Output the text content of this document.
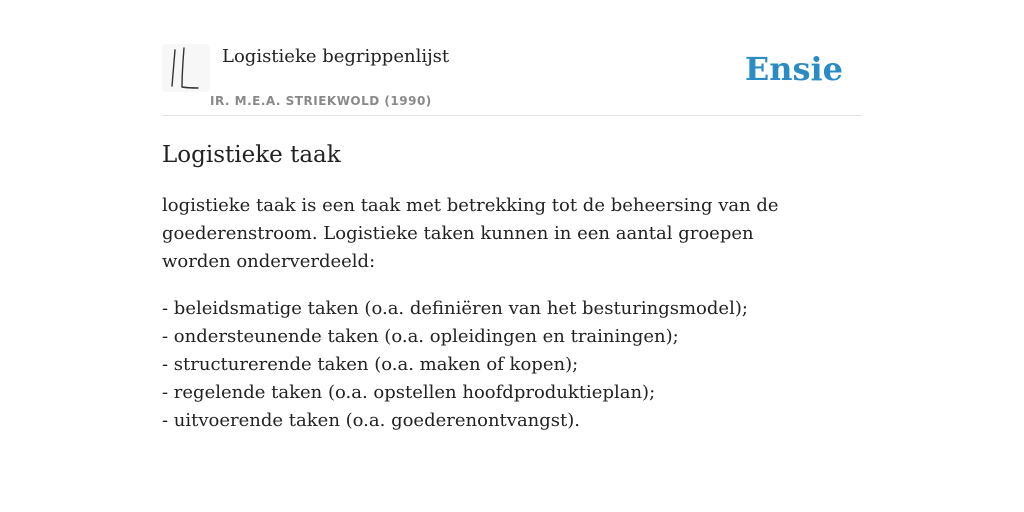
Logistieke begrippenlijst
IR. M.E.A. STRIEKWOLD (1990)
Ensie
Logistieke taak

logistieke taak is een taak met betrekking tot de beheersing van de goederenstroom. Logistieke taken kunnen in een aantal groepen worden onderverdeeld:

- beleidsmatige taken (o.a. definiëren van het besturingsmodel);
- ondersteunende taken (o.a. opleidingen en trainingen);
- structurerende taken (o.a. maken of kopen);
- regelende taken (o.a. opstellen hoofdproduktieplan);
- uitvoerende taken (o.a. goederenontvangst).
